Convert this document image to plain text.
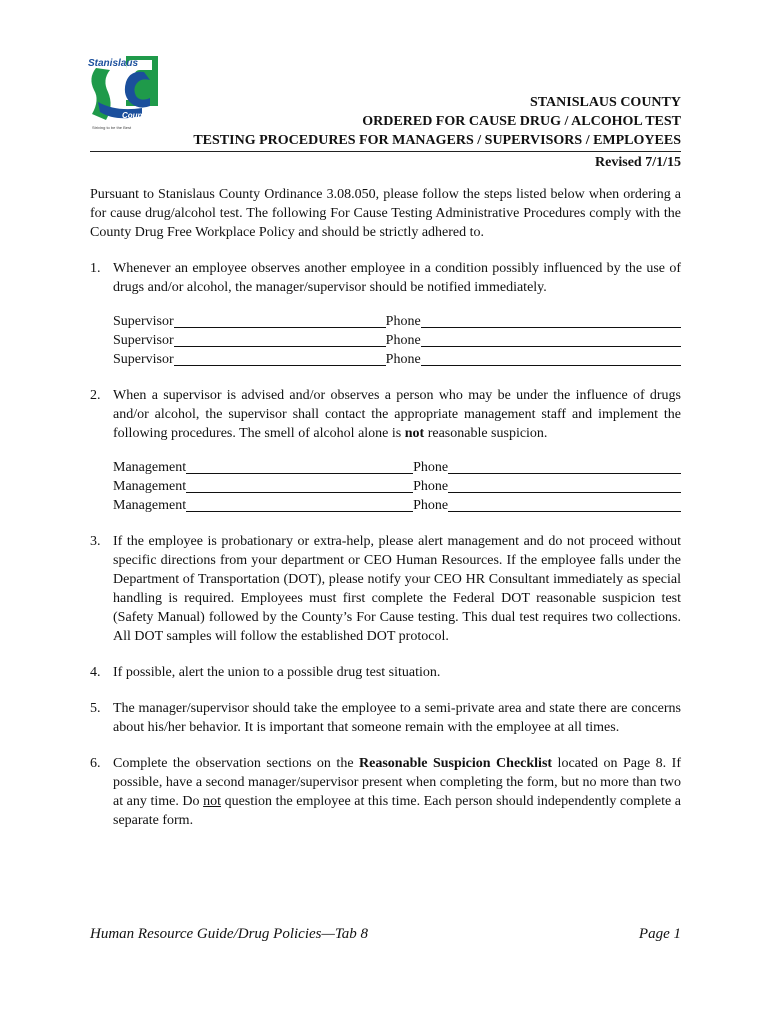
Stanislaus
County
Striving to be the Best
STANISLAUS COUNTY
ORDERED FOR CAUSE DRUG / ALCOHOL TEST
TESTING PROCEDURES FOR MANAGERS / SUPERVISORS / EMPLOYEES
Revised 7/1/15

Pursuant to Stanislaus County Ordinance 3.08.050, please follow the steps listed below when ordering a for cause drug/alcohol test. The following For Cause Testing Administrative Procedures comply with the County Drug Free Workplace Policy and should be strictly adhered to.

1. Whenever an employee observes another employee in a condition possibly influenced by the use of drugs and/or alcohol, the manager/supervisor should be notified immediately.
Supervisor	Phone
Supervisor	Phone
Supervisor	Phone
2. When a supervisor is advised and/or observes a person who may be under the influence of drugs and/or alcohol, the supervisor shall contact the appropriate management staff and implement the following procedures. The smell of alcohol alone is not reasonable suspicion.
Management	Phone
Management	Phone
Management	Phone
3. If the employee is probationary or extra-help, please alert management and do not proceed without specific directions from your department or CEO Human Resources. If the employee falls under the Department of Transportation (DOT), please notify your CEO HR Consultant immediately as special handling is required. Employees must first complete the Federal DOT reasonable suspicion test (Safety Manual) followed by the County’s For Cause testing. This dual test requires two collections. All DOT samples will follow the established DOT protocol.
4. If possible, alert the union to a possible drug test situation.
5. The manager/supervisor should take the employee to a semi-private area and state there are concerns about his/her behavior. It is important that someone remain with the employee at all times.
6. Complete the observation sections on the Reasonable Suspicion Checklist located on Page 8. If possible, have a second manager/supervisor present when completing the form, but no more than two at any time. Do not question the employee at this time. Each person should independently complete a separate form.
Human Resource Guide/Drug Policies—Tab 8	Page 1
